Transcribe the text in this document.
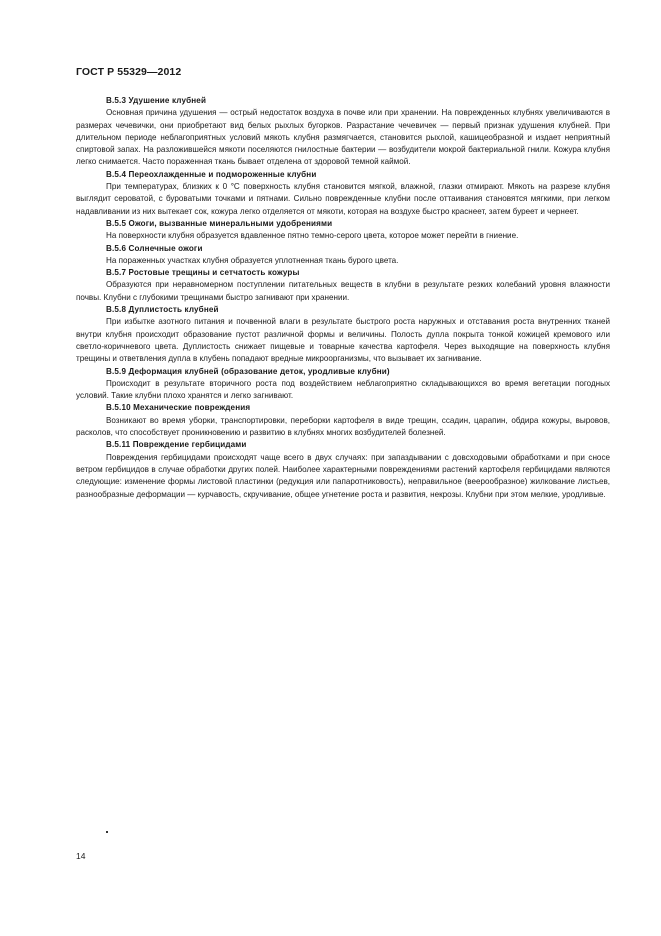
ГОСТ Р 55329—2012

В.5.3 Удушение клубней

Основная причина удушения — острый недостаток воздуха в почве или при хранении. На поврежденных клубнях увеличиваются в размерах чечевички, они приобретают вид белых рыхлых бугорков. Разрастание чечевичек — первый признак удушения клубней. При длительном периоде неблагоприятных условий мякоть клубня размягчается, становится рыхлой, кашицеобразной и издает неприятный спиртовой запах. На разложившейся мякоти поселяются гнилостные бактерии — возбудители мокрой бактериальной гнили. Кожура клубня легко снимается. Часто пораженная ткань бывает отделена от здоровой темной каймой.

В.5.4 Переохлажденные и подмороженные клубни

При температурах, близких к 0 °С поверхность клубня становится мягкой, влажной, глазки отмирают. Мякоть на разрезе клубня выглядит сероватой, с буроватыми точками и пятнами. Сильно поврежденные клубни после оттаивания становятся мягкими, при легком надавливании из них вытекает сок, кожура легко отделяется от мякоти, которая на воздухе быстро краснеет, затем буреет и чернеет.

В.5.5 Ожоги, вызванные минеральными удобрениями

На поверхности клубня образуется вдавленное пятно темно-серого цвета, которое может перейти в гниение.

В.5.6 Солнечные ожоги

На пораженных участках клубня образуется уплотненная ткань бурого цвета.

В.5.7 Ростовые трещины и сетчатость кожуры

Образуются при неравномерном поступлении питательных веществ в клубни в результате резких колебаний уровня влажности почвы. Клубни с глубокими трещинами быстро загнивают при хранении.

В.5.8 Дуплистость клубней

При избытке азотного питания и почвенной влаги в результате быстрого роста наружных и отставания роста внутренних тканей внутри клубня происходит образование пустот различной формы и величины. Полость дупла покрыта тонкой кожицей кремового или светло-коричневого цвета. Дуплистость снижает пищевые и товарные качества картофеля. Через выходящие на поверхность клубня трещины и ответвления дупла в клубень попадают вредные микроорганизмы, что вызывает их загнивание.

В.5.9 Деформация клубней (образование деток, уродливые клубни)

Происходит в результате вторичного роста под воздействием неблагоприятно складывающихся во время вегетации погодных условий. Такие клубни плохо хранятся и легко загнивают.

В.5.10 Механические повреждения

Возникают во время уборки, транспортировки, переборки картофеля в виде трещин, ссадин, царапин, обдира кожуры, выровов, расколов, что способствует проникновению и развитию в клубнях многих возбудителей болезней.

В.5.11 Повреждение гербицидами

Повреждения гербицидами происходят чаще всего в двух случаях: при запаздывании с довсходовыми обработками и при сносе ветром гербицидов в случае обработки других полей. Наиболее характерными повреждениями растений картофеля гербицидами являются следующие: изменение формы листовой пластинки (редукция или папаротниковость), неправильное (веерообразное) жилкование листьев, разнообразные деформации — курчавость, скручивание, общее угнетение роста и развития, некрозы. Клубни при этом мелкие, уродливые.

14
